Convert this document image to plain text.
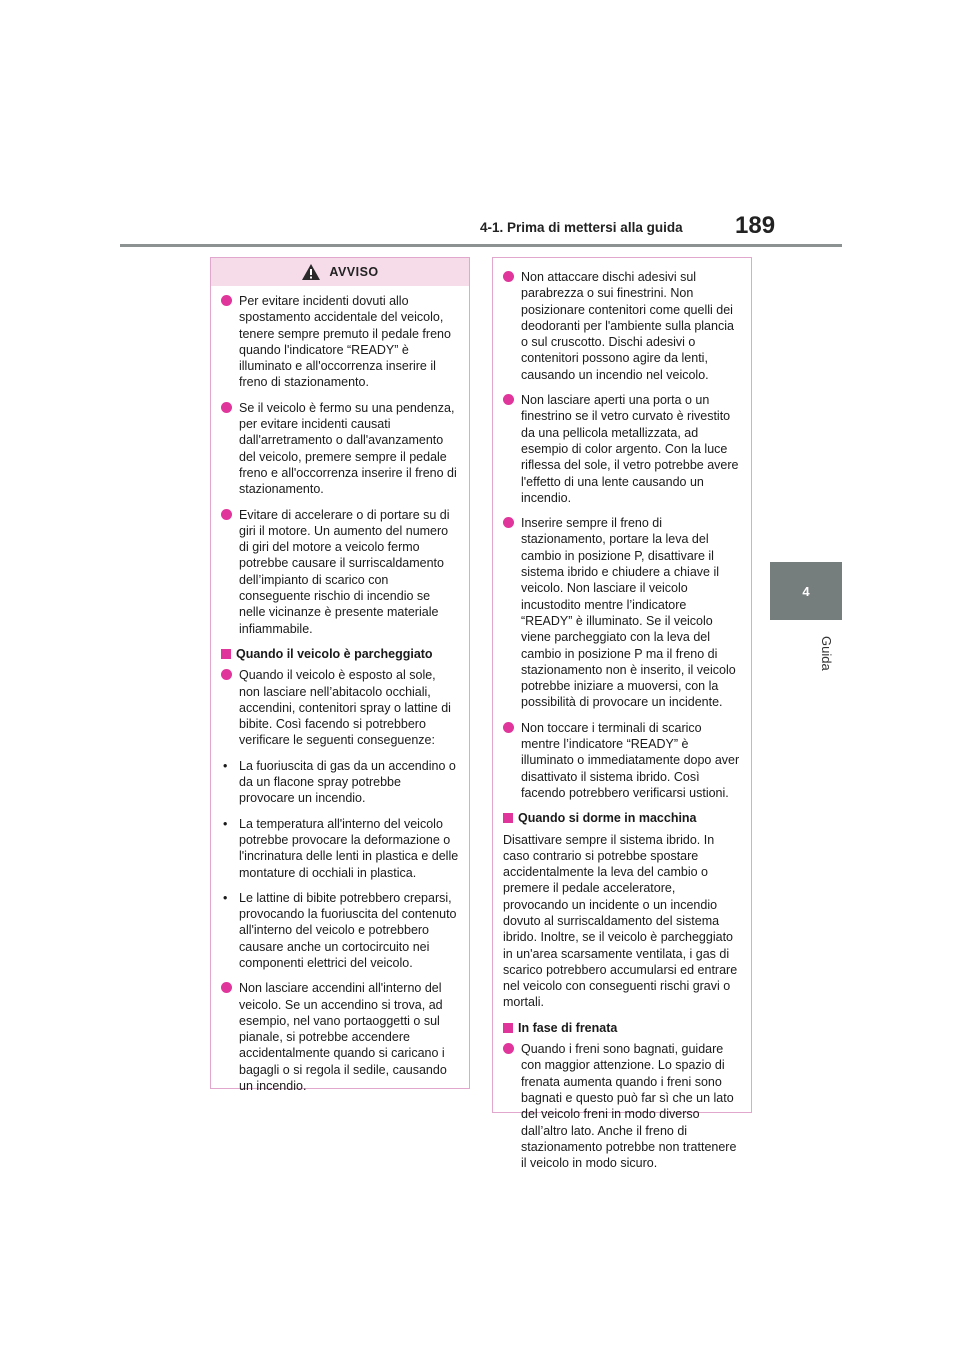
4-1. Prima di mettersi alla guida 189
4
Guida
AVVISO
Per evitare incidenti dovuti allo spostamento accidentale del veicolo, tenere sempre premuto il pedale freno quando l'indicatore “READY” è illuminato e all'occorrenza inserire il freno di stazionamento.
Se il veicolo è fermo su una pendenza, per evitare incidenti causati dall'arretramento o dall'avanzamento del veicolo, premere sempre il pedale freno e all'occorrenza inserire il freno di stazionamento.
Evitare di accelerare o di portare su di giri il motore. Un aumento del numero di giri del motore a veicolo fermo potrebbe causare il surriscaldamento dell’impianto di scarico con conseguente rischio di incendio se nelle vicinanze è presente materiale infiammabile.
Quando il veicolo è parcheggiato
Quando il veicolo è esposto al sole, non lasciare nell’abitacolo occhiali, accendini, contenitori spray o lattine di bibite. Così facendo si potrebbero verificare le seguenti conseguenze:
• La fuoriuscita di gas da un accendino o da un flacone spray potrebbe provocare un incendio.
• La temperatura all'interno del veicolo potrebbe provocare la deformazione o l'incrinatura delle lenti in plastica e delle montature di occhiali in plastica.
• Le lattine di bibite potrebbero creparsi, provocando la fuoriuscita del contenuto all'interno del veicolo e potrebbero causare anche un cortocircuito nei componenti elettrici del veicolo.
Non lasciare accendini all'interno del veicolo. Se un accendino si trova, ad esempio, nel vano portaoggetti o sul pianale, si potrebbe accendere accidentalmente quando si caricano i bagagli o si regola il sedile, causando un incendio.
Non attaccare dischi adesivi sul parabrezza o sui finestrini. Non posizionare contenitori come quelli dei deodoranti per l'ambiente sulla plancia o sul cruscotto. Dischi adesivi o contenitori possono agire da lenti, causando un incendio nel veicolo.
Non lasciare aperti una porta o un finestrino se il vetro curvato è rivestito da una pellicola metallizzata, ad esempio di color argento. Con la luce riflessa del sole, il vetro potrebbe avere l'effetto di una lente causando un incendio.
Inserire sempre il freno di stazionamento, portare la leva del cambio in posizione P, disattivare il sistema ibrido e chiudere a chiave il veicolo. Non lasciare il veicolo incustodito mentre l’indicatore “READY” è illuminato. Se il veicolo viene parcheggiato con la leva del cambio in posizione P ma il freno di stazionamento non è inserito, il veicolo potrebbe iniziare a muoversi, con la possibilità di provocare un incidente.
Non toccare i terminali di scarico mentre l’indicatore “READY” è illuminato o immediatamente dopo aver disattivato il sistema ibrido. Così facendo potrebbero verificarsi ustioni.
Quando si dorme in macchina
Disattivare sempre il sistema ibrido. In caso contrario si potrebbe spostare accidentalmente la leva del cambio o premere il pedale acceleratore, provocando un incidente o un incendio dovuto al surriscaldamento del sistema ibrido. Inoltre, se il veicolo è parcheggiato in un'area scarsamente ventilata, i gas di scarico potrebbero accumularsi ed entrare nel veicolo con conseguenti rischi gravi o mortali.
In fase di frenata
Quando i freni sono bagnati, guidare con maggior attenzione. Lo spazio di frenata aumenta quando i freni sono bagnati e questo può far sì che un lato del veicolo freni in modo diverso dall’altro lato. Anche il freno di stazionamento potrebbe non trattenere il veicolo in modo sicuro.
